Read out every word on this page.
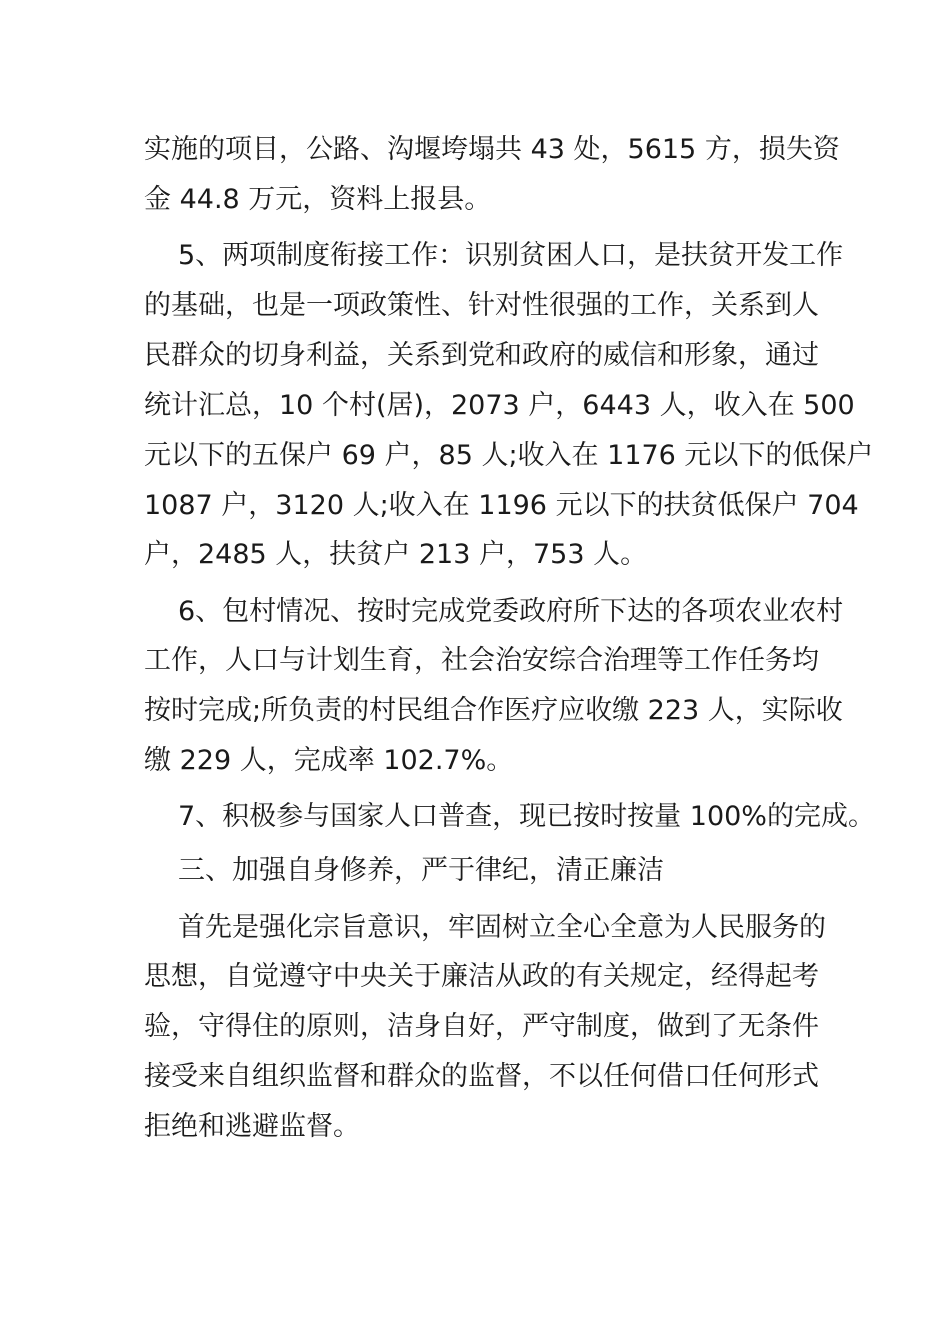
实施的项目，公路、沟堰垮塌共 43 处，5615 方，损失资
金 44.8 万元，资料上报县。
5、两项制度衔接工作：识别贫困人口，是扶贫开发工作
的基础，也是一项政策性、针对性很强的工作，关系到人
民群众的切身利益，关系到党和政府的威信和形象，通过
统计汇总，10 个村(居)，2073 户，6443 人，收入在 500
元以下的五保户 69 户，85 人;收入在 1176 元以下的低保户
1087 户，3120 人;收入在 1196 元以下的扶贫低保户 704
户，2485 人，扶贫户 213 户，753 人。
6、包村情况、按时完成党委政府所下达的各项农业农村
工作，人口与计划生育，社会治安综合治理等工作任务均
按时完成;所负责的村民组合作医疗应收缴 223 人，实际收
缴 229 人，完成率 102.7%。
7、积极参与国家人口普查，现已按时按量 100%的完成。
三、加强自身修养，严于律纪，清正廉洁
首先是强化宗旨意识，牢固树立全心全意为人民服务的
思想，自觉遵守中央关于廉洁从政的有关规定，经得起考
验，守得住的原则，洁身自好，严守制度，做到了无条件
接受来自组织监督和群众的监督，不以任何借口任何形式
拒绝和逃避监督。
